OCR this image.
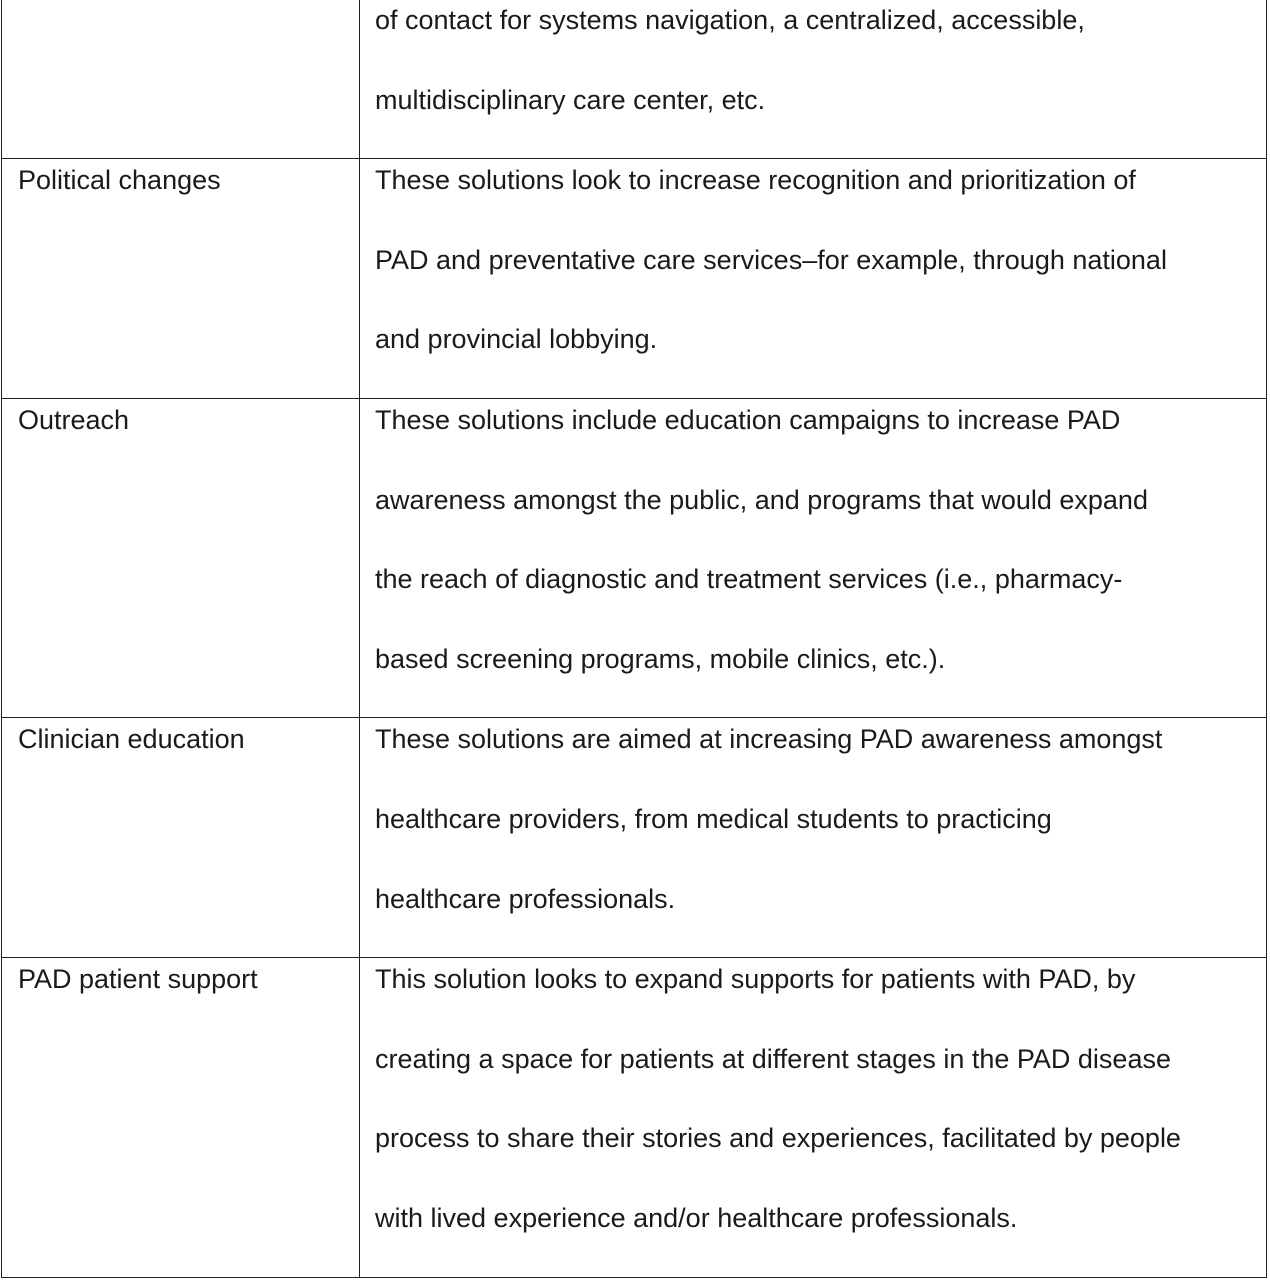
	of contact for systems navigation, a centralized, accessible,
multidisciplinary care center, etc.

Political changes	These solutions look to increase recognition and prioritization of
PAD and preventative care services–for example, through national
and provincial lobbying.

Outreach	These solutions include education campaigns to increase PAD
awareness amongst the public, and programs that would expand
the reach of diagnostic and treatment services (i.e., pharmacy-
based screening programs, mobile clinics, etc.).

Clinician education	These solutions are aimed at increasing PAD awareness amongst
healthcare providers, from medical students to practicing
healthcare professionals.

PAD patient support	This solution looks to expand supports for patients with PAD, by
creating a space for patients at different stages in the PAD disease
process to share their stories and experiences, facilitated by people
with lived experience and/or healthcare professionals.
